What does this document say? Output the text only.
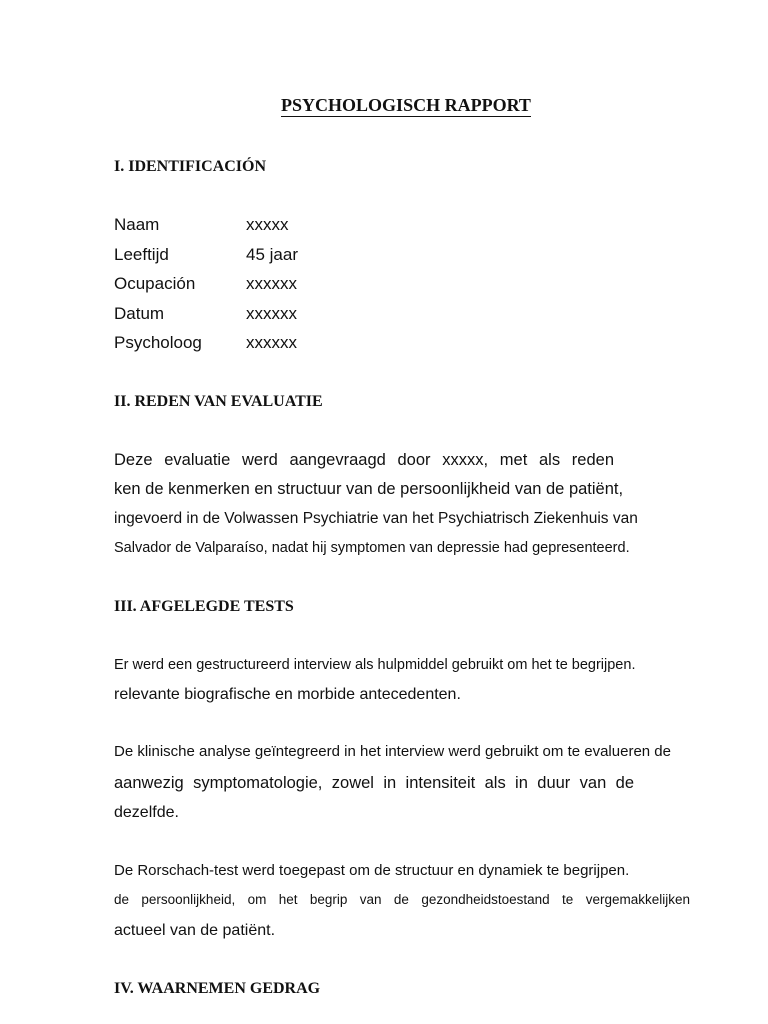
PSYCHOLOGISCH RAPPORT
I. IDENTIFICACIÓN
Naam	xxxxx
Leeftijd	45 jaar
Ocupación	xxxxxx
Datum	xxxxxx
Psycholoog	xxxxxx
II. REDEN VAN EVALUATIE

Deze evaluatie werd aangevraagd door xxxxx, met als reden

ken de kenmerken en structuur van de persoonlijkheid van de patiënt,

ingevoerd in de Volwassen Psychiatrie van het Psychiatrisch Ziekenhuis van

Salvador de Valparaíso, nadat hij symptomen van depressie had gepresenteerd.

III. AFGELEGDE TESTS

Er werd een gestructureerd interview als hulpmiddel gebruikt om het te begrijpen.

relevante biografische en morbide antecedenten.

De klinische analyse geïntegreerd in het interview werd gebruikt om te evalueren de

aanwezig symptomatologie, zowel in intensiteit als in duur van de

dezelfde.

De Rorschach-test werd toegepast om de structuur en dynamiek te begrijpen.

de persoonlijkheid, om het begrip van de gezondheidstoestand te vergemakkelijken

actueel van de patiënt.

IV. WAARNEMEN GEDRAG
